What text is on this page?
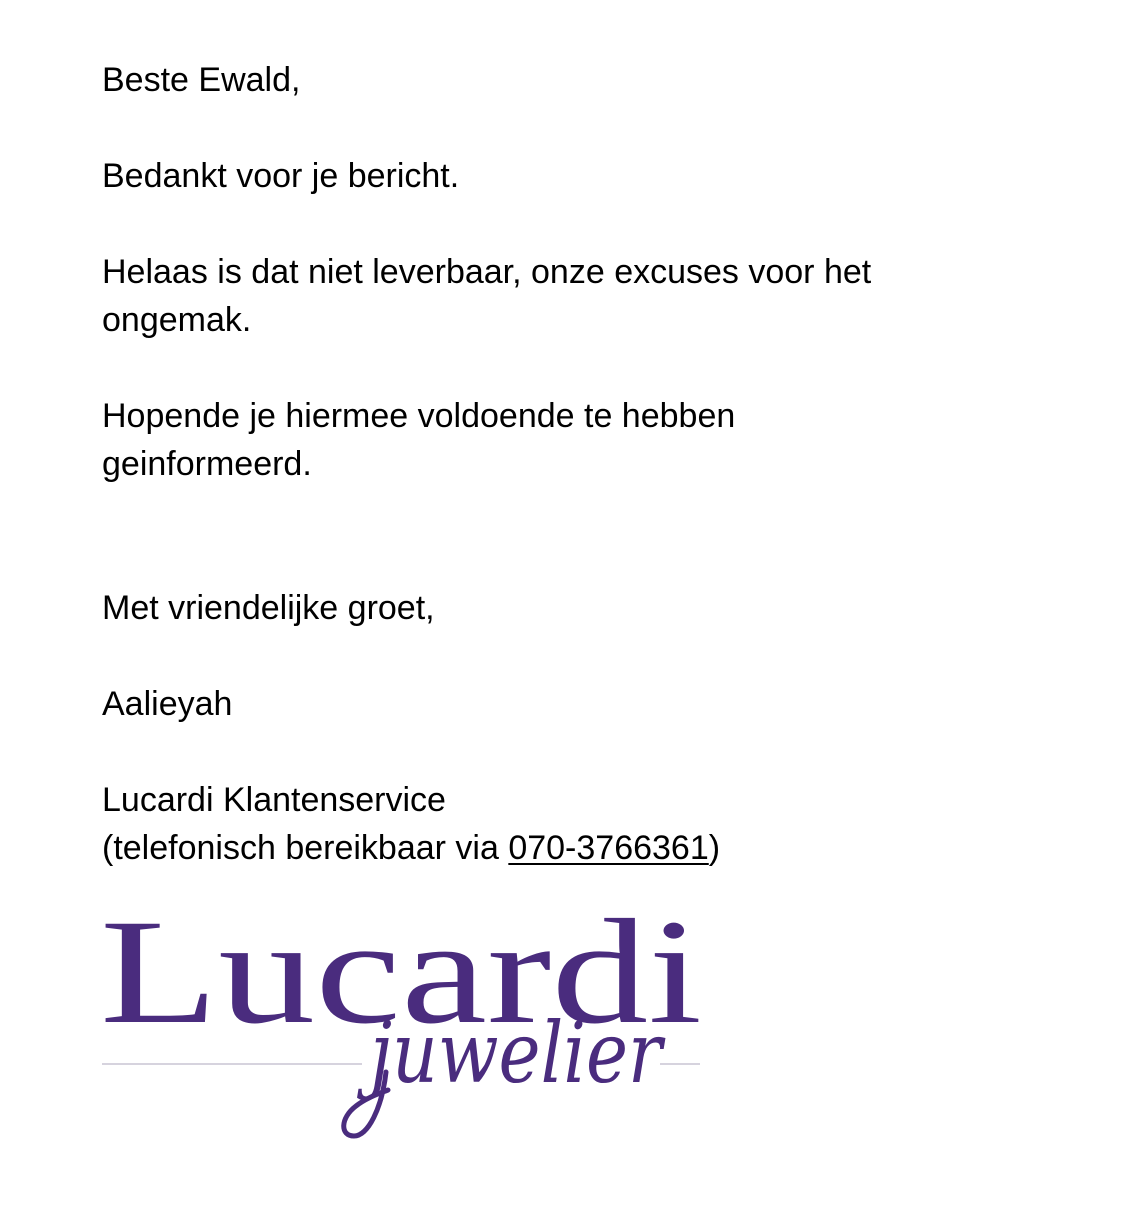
Beste Ewald,

Bedankt voor je bericht.

Helaas is dat niet leverbaar, onze excuses voor het

ongemak.

Hopende je hiermee voldoende te hebben

geinformeerd.

Met vriendelijke groet,

Aalieyah

Lucardi Klantenservice

(telefonisch bereikbaar via 070-3766361)

Lucardi
juwelier
